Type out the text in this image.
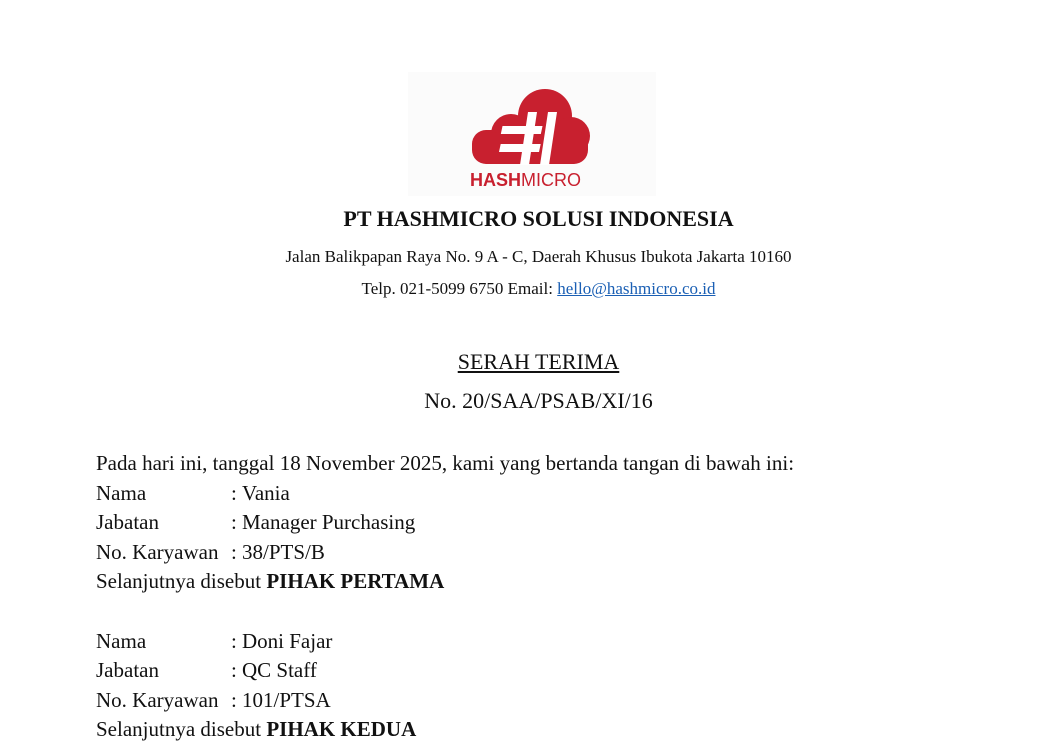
HASHMICRO
PT HASHMICRO SOLUSI INDONESIA
Jalan Balikpapan Raya No. 9 A - C, Daerah Khusus Ibukota Jakarta 10160
Telp. 021-5099 6750 Email: hello@hashmicro.co.id
SERAH TERIMA
No. 20/SAA/PSAB/XI/16
Pada hari ini, tanggal 18 November 2025, kami yang bertanda tangan di bawah ini:
Nama	: Vania
Jabatan	: Manager Purchasing
No. Karyawan : 38/PTS/B
Selanjutnya disebut PIHAK PERTAMA
Nama	: Doni Fajar
Jabatan	: QC Staff
No. Karyawan : 101/PTSA
Selanjutnya disebut PIHAK KEDUA
